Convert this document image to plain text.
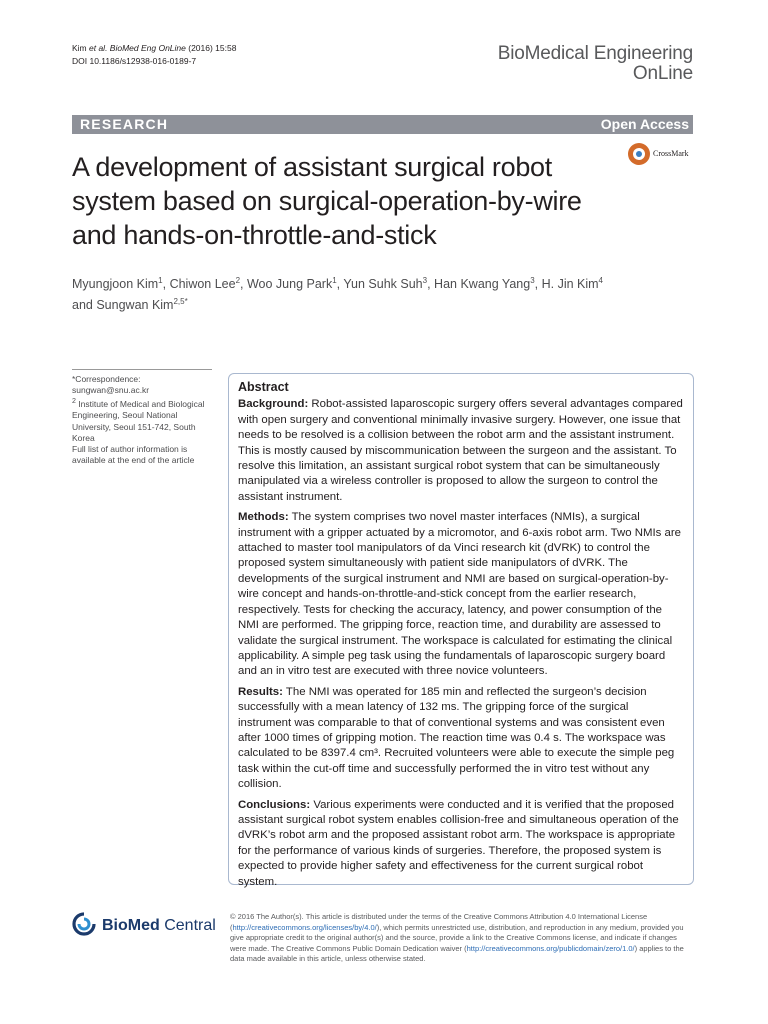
Kim et al. BioMed Eng OnLine (2016) 15:58
DOI 10.1186/s12938-016-0189-7	BioMedical Engineering
OnLine
RESEARCH	Open Access
A development of assistant surgical robot system based on surgical-operation-by-wire and hands-on-throttle-and-stick
CrossMark
Myungjoon Kim$^1$, Chiwon Lee$^2$, Woo Jung Park$^1$, Yun Suhk Suh$^3$, Han Kwang Yang$^3$, H. Jin Kim$^4$
and Sungwan Kim$^{2,5*}$
*Correspondence:
sungwan@snu.ac.kr
$^2$ Institute of Medical and Biological Engineering, Seoul National University, Seoul 151-742, South Korea
Full list of author information is available at the end of the article
Abstract

Background: Robot-assisted laparoscopic surgery offers several advantages compared with open surgery and conventional minimally invasive surgery. However, one issue that needs to be resolved is a collision between the robot arm and the assistant instrument. This is mostly caused by miscommunication between the surgeon and the assistant. To resolve this limitation, an assistant surgical robot system that can be simultaneously manipulated via a wireless controller is proposed to allow the surgeon to control the assistant instrument.

Methods: The system comprises two novel master interfaces (NMIs), a surgical instrument with a gripper actuated by a micromotor, and 6-axis robot arm. Two NMIs are attached to master tool manipulators of da Vinci research kit (dVRK) to control the proposed system simultaneously with patient side manipulators of dVRK. The developments of the surgical instrument and NMI are based on surgical-operation-by-wire concept and hands-on-throttle-and-stick concept from the earlier research, respectively. Tests for checking the accuracy, latency, and power consumption of the NMI are performed. The gripping force, reaction time, and durability are assessed to validate the surgical instrument. The workspace is calculated for estimating the clinical applicability. A simple peg task using the fundamentals of laparoscopic surgery board and an in vitro test are executed with three novice volunteers.

Results: The NMI was operated for 185 min and reflected the surgeon’s decision successfully with a mean latency of 132 ms. The gripping force of the surgical instrument was comparable to that of conventional systems and was consistent even after 1000 times of gripping motion. The reaction time was 0.4 s. The workspace was calculated to be 8397.4 cm³. Recruited volunteers were able to execute the simple peg task within the cut-off time and successfully performed the in vitro test without any collision.

Conclusions: Various experiments were conducted and it is verified that the proposed assistant surgical robot system enables collision-free and simultaneous operation of the dVRK’s robot arm and the proposed assistant robot arm. The workspace is appropriate for the performance of various kinds of surgeries. Therefore, the proposed system is expected to provide higher safety and effectiveness for the current surgical robot system.

BioMed Central
© 2016 The Author(s). This article is distributed under the terms of the Creative Commons Attribution 4.0 International License (http://creativecommons.org/licenses/by/4.0/), which permits unrestricted use, distribution, and reproduction in any medium, provided you give appropriate credit to the original author(s) and the source, provide a link to the Creative Commons license, and indicate if changes were made. The Creative Commons Public Domain Dedication waiver (http://creativecommons.org/publicdomain/zero/1.0/) applies to the data made available in this article, unless otherwise stated.
